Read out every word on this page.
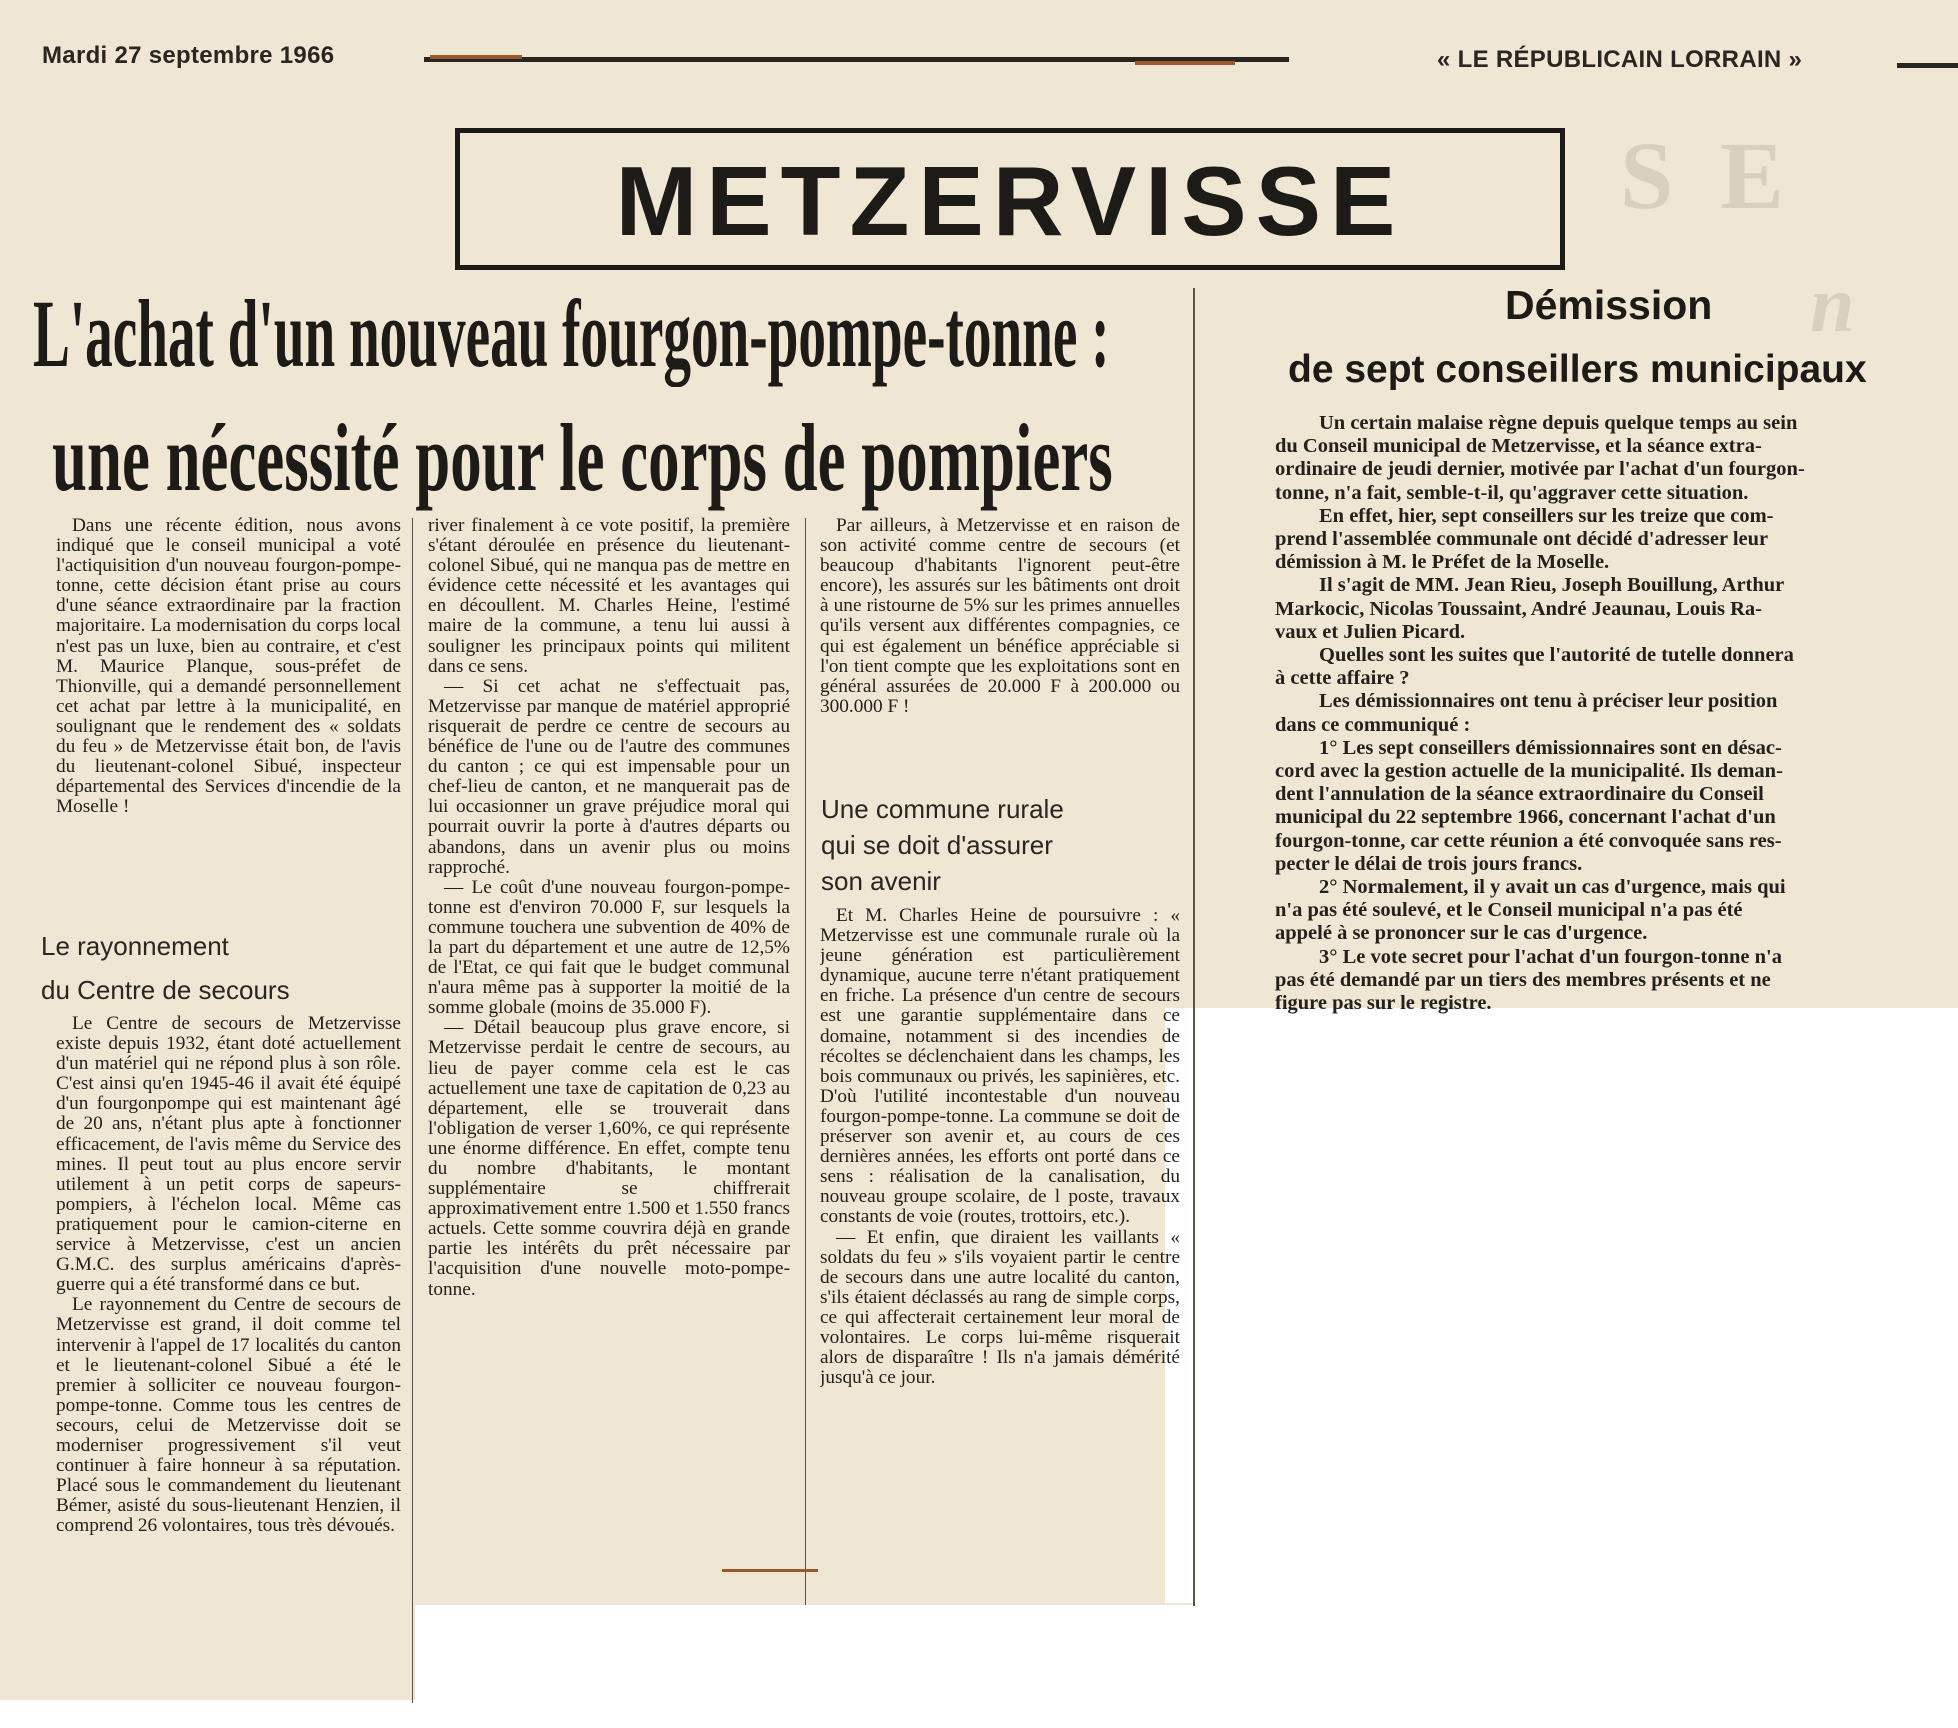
S E
n
Mardi 27 septembre 1966	« LE RÉPUBLICAIN LORRAIN »
METZERVISSE
L'achat d'un nouveau fourgon-pompe-tonne :
une nécessité pour le corps de pompiers

Dans une récente édition, nous avons indiqué que le conseil municipal a voté l'actiquisition d'un nouveau fourgon-pompe-tonne, cette décision étant prise au cours d'une séance extraordinaire par la fraction majoritaire. La modernisation du corps local n'est pas un luxe, bien au contraire, et c'est M. Maurice Planque, sous-préfet de Thionville, qui a demandé personnellement cet achat par lettre à la municipalité, en soulignant que le rendement des « soldats du feu » de Metzervisse était bon, de l'avis du lieutenant-colonel Sibué, inspecteur départemental des Services d'incendie de la Moselle !

Le rayonnement
du Centre de secours

Le Centre de secours de Metzervisse existe depuis 1932, étant doté actuellement d'un matériel qui ne répond plus à son rôle. C'est ainsi qu'en 1945-46 il avait été équipé d'un fourgonpompe qui est maintenant âgé de 20 ans, n'étant plus apte à fonctionner efficacement, de l'avis même du Service des mines. Il peut tout au plus encore servir utilement à un petit corps de sapeurs-pompiers, à l'échelon local. Même cas pratiquement pour le camion-citerne en service à Metzervisse, c'est un ancien G.M.C. des surplus américains d'après-guerre qui a été transformé dans ce but.

Le rayonnement du Centre de secours de Metzervisse est grand, il doit comme tel intervenir à l'appel de 17 localités du canton et le lieutenant-colonel Sibué a été le premier à solliciter ce nouveau fourgon-pompe-tonne. Comme tous les centres de secours, celui de Metzervisse doit se moderniser progressivement s'il veut continuer à faire honneur à sa réputation. Placé sous le commandement du lieutenant Bémer, asisté du sous-lieutenant Henzien, il comprend 26 volontaires, tous très dévoués.

river finalement à ce vote positif, la première s'étant déroulée en présence du lieutenant-colonel Sibué, qui ne manqua pas de mettre en évidence cette nécessité et les avantages qui en découllent. M. Charles Heine, l'estimé maire de la commune, a tenu lui aussi à souligner les principaux points qui militent dans ce sens.

— Si cet achat ne s'effectuait pas, Metzervisse par manque de matériel approprié risquerait de perdre ce centre de secours au bénéfice de l'une ou de l'autre des communes du canton ; ce qui est impensable pour un chef-lieu de canton, et ne manquerait pas de lui occasionner un grave préjudice moral qui pourrait ouvrir la porte à d'autres départs ou abandons, dans un avenir plus ou moins rapproché.

— Le coût d'une nouveau fourgon-pompe-tonne est d'environ 70.000 F, sur lesquels la commune touchera une subvention de 40% de la part du département et une autre de 12,5% de l'Etat, ce qui fait que le budget communal n'aura même pas à supporter la moitié de la somme globale (moins de 35.000 F).

— Détail beaucoup plus grave encore, si Metzervisse perdait le centre de secours, au lieu de payer comme cela est le cas actuellement une taxe de capitation de 0,23 au département, elle se trouverait dans l'obligation de verser 1,60%, ce qui représente une énorme différence. En effet, compte tenu du nombre d'habitants, le montant supplémentaire se chiffrerait approximativement entre 1.500 et 1.550 francs actuels. Cette somme couvrira déjà en grande partie les intérêts du prêt nécessaire par l'acquisition d'une nouvelle moto-pompe-tonne.

Par ailleurs, à Metzervisse et en raison de son activité comme centre de secours (et beaucoup d'habitants l'ignorent peut-être encore), les assurés sur les bâtiments ont droit à une ristourne de 5% sur les primes annuelles qu'ils versent aux différentes compagnies, ce qui est également un bénéfice appréciable si l'on tient compte que les exploitations sont en général assurées de 20.000 F à 200.000 ou 300.000 F !

Une commune rurale
qui se doit d'assurer
son avenir

Et M. Charles Heine de poursuivre : « Metzervisse est une communale rurale où la jeune génération est particulièrement dynamique, aucune terre n'étant pratiquement en friche. La présence d'un centre de secours est une garantie supplémentaire dans ce domaine, notamment si des incendies de récoltes se déclenchaient dans les champs, les bois communaux ou privés, les sapinières, etc. D'où l'utilité incontestable d'un nouveau fourgon-pompe-tonne. La commune se doit de préserver son avenir et, au cours de ces dernières années, les efforts ont porté dans ce sens : réalisation de la canalisation, du nouveau groupe scolaire, de l poste, travaux constants de voie (routes, trottoirs, etc.).

— Et enfin, que diraient les vaillants « soldats du feu » s'ils voyaient partir le centre de secours dans une autre localité du canton, s'ils étaient déclassés au rang de simple corps, ce qui affecterait certainement leur moral de volontaires. Le corps lui-même risquerait alors de disparaître ! Ils n'a jamais démérité jusqu'à ce jour.

Démission
de sept conseillers municipaux
Un certain malaise règne depuis quelque temps au sein
du Conseil municipal de Metzervisse, et la séance extra-
ordinaire de jeudi dernier, motivée par l'achat d'un fourgon-
tonne, n'a fait, semble-t-il, qu'aggraver cette situation.
En effet, hier, sept conseillers sur les treize que com-
prend l'assemblée communale ont décidé d'adresser leur
démission à M. le Préfet de la Moselle.
Il s'agit de MM. Jean Rieu, Joseph Bouillung, Arthur
Markocic, Nicolas Toussaint, André Jeaunau, Louis Ra-
vaux et Julien Picard.
Quelles sont les suites que l'autorité de tutelle donnera
à cette affaire ?
Les démissionnaires ont tenu à préciser leur position
dans ce communiqué :
1° Les sept conseillers démissionnaires sont en désac-
cord avec la gestion actuelle de la municipalité. Ils deman-
dent l'annulation de la séance extraordinaire du Conseil
municipal du 22 septembre 1966, concernant l'achat d'un
fourgon-tonne, car cette réunion a été convoquée sans res-
pecter le délai de trois jours francs.
2° Normalement, il y avait un cas d'urgence, mais qui
n'a pas été soulevé, et le Conseil municipal n'a pas été
appelé à se prononcer sur le cas d'urgence.
3° Le vote secret pour l'achat d'un fourgon-tonne n'a
pas été demandé par un tiers des membres présents et ne
figure pas sur le registre.
